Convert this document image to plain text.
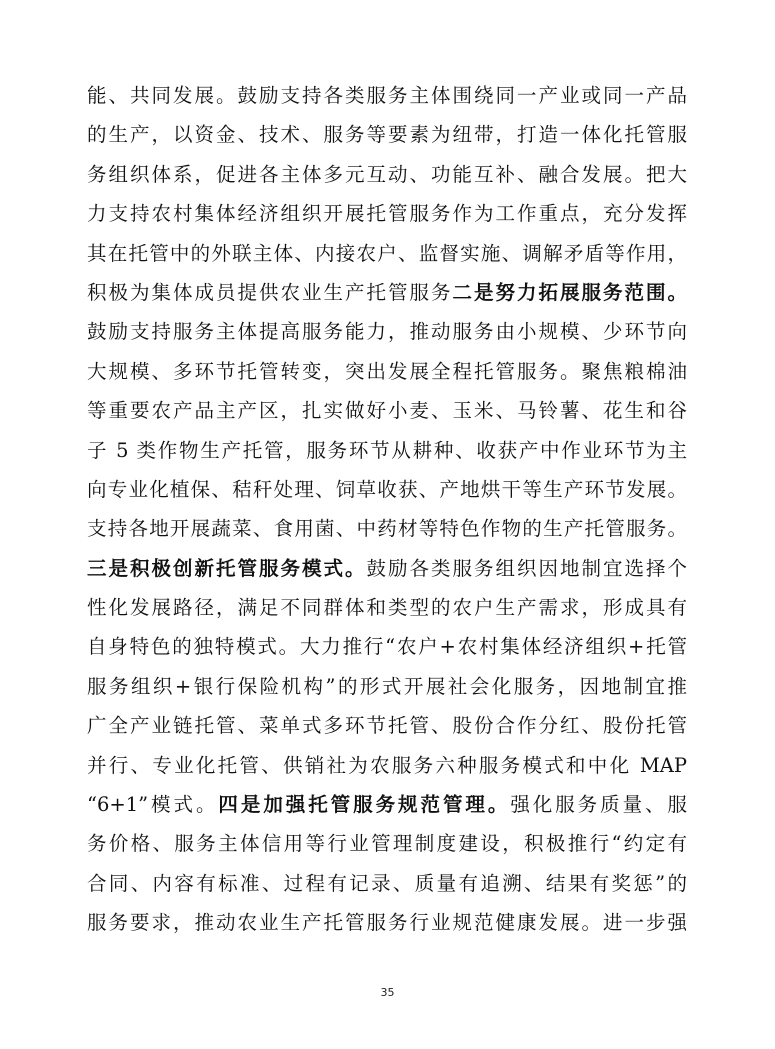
能、共同发展。鼓励支持各类服务主体围绕同一产业或同一产品
的生产，以资金、技术、服务等要素为纽带，打造一体化托管服
务组织体系，促进各主体多元互动、功能互补、融合发展。把大
力支持农村集体经济组织开展托管服务作为工作重点，充分发挥
其在托管中的外联主体、内接农户、监督实施、调解矛盾等作用，
积极为集体成员提供农业生产托管服务二是努力拓展服务范围。
鼓励支持服务主体提高服务能力，推动服务由小规模、少环节向
大规模、多环节托管转变，突出发展全程托管服务。聚焦粮棉油
等重要农产品主产区，扎实做好小麦、玉米、马铃薯、花生和谷
子 5 类作物生产托管，服务环节从耕种、收获产中作业环节为主
向专业化植保、秸秆处理、饲草收获、产地烘干等生产环节发展。
支持各地开展蔬菜、食用菌、中药材等特色作物的生产托管服务。
三是积极创新托管服务模式。鼓励各类服务组织因地制宜选择个
性化发展路径，满足不同群体和类型的农户生产需求，形成具有
自身特色的独特模式。大力推行“农户+农村集体经济组织+托管
服务组织+银行保险机构”的形式开展社会化服务，因地制宜推
广全产业链托管、菜单式多环节托管、股份合作分红、股份托管
并行、专业化托管、供销社为农服务六种服务模式和中化 MAP
“6+1”模式。四是加强托管服务规范管理。强化服务质量、服
务价格、服务主体信用等行业管理制度建设，积极推行“约定有
合同、内容有标准、过程有记录、质量有追溯、结果有奖惩”的
服务要求，推动农业生产托管服务行业规范健康发展。进一步强
35
